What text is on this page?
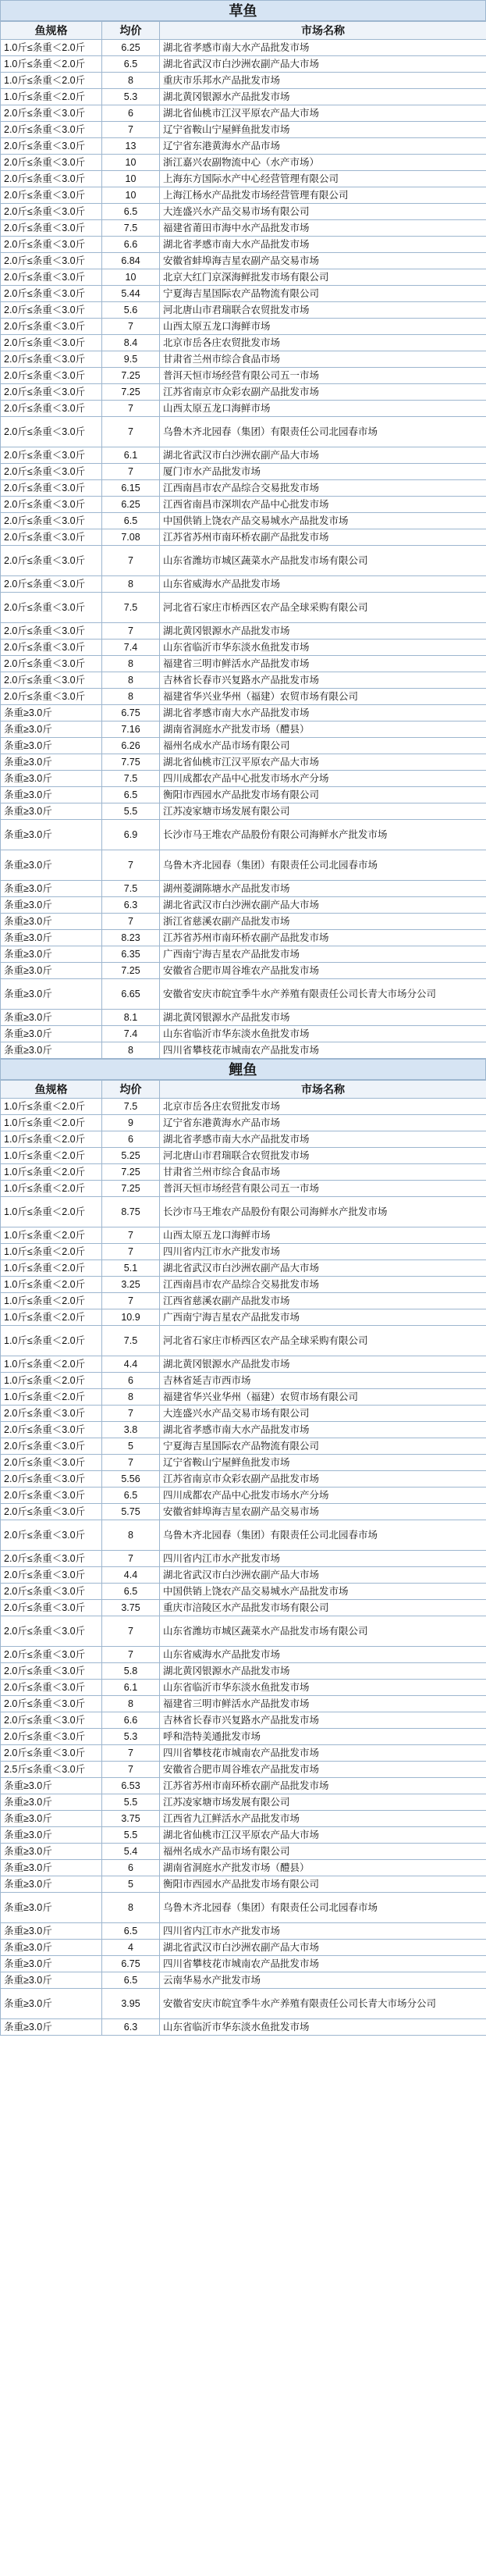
草鱼
鱼规格	均价	市场名称
1.0斤≤条重＜2.0斤	6.25	湖北省孝感市南大水产品批发市场
1.0斤≤条重＜2.0斤	6.5	湖北省武汉市白沙洲农副产品大市场
1.0斤≤条重＜2.0斤	8	重庆市乐邦水产品批发市场
1.0斤≤条重＜2.0斤	5.3	湖北黄冈银源水产品批发市场
2.0斤≤条重＜3.0斤	6	湖北省仙桃市江汉平原农产品大市场
2.0斤≤条重＜3.0斤	7	辽宁省鞍山宁屋鲜鱼批发市场
2.0斤≤条重＜3.0斤	13	辽宁省东港黄海水产品市场
2.0斤≤条重＜3.0斤	10	浙江嘉兴农副物流中心（水产市场）
2.0斤≤条重＜3.0斤	10	上海东方国际水产中心经营管理有限公司
2.0斤≤条重＜3.0斤	10	上海江杨水产品批发市场经营管理有限公司
2.0斤≤条重＜3.0斤	6.5	大连盛兴水产品交易市场有限公司
2.0斤≤条重＜3.0斤	7.5	福建省莆田市海中水产品批发市场
2.0斤≤条重＜3.0斤	6.6	湖北省孝感市南大水产品批发市场
2.0斤≤条重＜3.0斤	6.84	安徽省蚌埠海吉星农副产品交易市场
2.0斤≤条重＜3.0斤	10	北京大红门京深海鲜批发市场有限公司
2.0斤≤条重＜3.0斤	5.44	宁夏海吉星国际农产品物流有限公司
2.0斤≤条重＜3.0斤	5.6	河北唐山市君瑞联合农贸批发市场
2.0斤≤条重＜3.0斤	7	山西太原五龙口海鲜市场
2.0斤≤条重＜3.0斤	8.4	北京市岳各庄农贸批发市场
2.0斤≤条重＜3.0斤	9.5	甘肃省兰州市综合食品市场
2.0斤≤条重＜3.0斤	7.25	普洱天恒市场经营有限公司五一市场
2.0斤≤条重＜3.0斤	7.25	江苏省南京市众彩农副产品批发市场
2.0斤≤条重＜3.0斤	7	山西太原五龙口海鲜市场
2.0斤≤条重＜3.0斤	7	乌鲁木齐北园春（集团）有限责任公司北园春市场
2.0斤≤条重＜3.0斤	6.1	湖北省武汉市白沙洲农副产品大市场
2.0斤≤条重＜3.0斤	7	厦门市水产品批发市场
2.0斤≤条重＜3.0斤	6.15	江西南昌市农产品综合交易批发市场
2.0斤≤条重＜3.0斤	6.25	江西省南昌市深圳农产品中心批发市场
2.0斤≤条重＜3.0斤	6.5	中国供销上饶农产品交易城水产品批发市场
2.0斤≤条重＜3.0斤	7.08	江苏省苏州市南环桥农副产品批发市场
2.0斤≤条重＜3.0斤	7	山东省潍坊市城区蔬菜水产品批发市场有限公司
2.0斤≤条重＜3.0斤	8	山东省威海水产品批发市场
2.0斤≤条重＜3.0斤	7.5	河北省石家庄市桥西区农产品全球采购有限公司
2.0斤≤条重＜3.0斤	7	湖北黄冈银源水产品批发市场
2.0斤≤条重＜3.0斤	7.4	山东省临沂市华东淡水鱼批发市场
2.0斤≤条重＜3.0斤	8	福建省三明市鲜活水产品批发市场
2.0斤≤条重＜3.0斤	8	吉林省长春市兴复路水产品批发市场
2.0斤≤条重＜3.0斤	8	福建省华兴业华州（福建）农贸市场有限公司
条重≥3.0斤	6.75	湖北省孝感市南大水产品批发市场
条重≥3.0斤	7.16	湖南省洞庭水产批发市场（醴县）
条重≥3.0斤	6.26	福州名成水产品市场有限公司
条重≥3.0斤	7.75	湖北省仙桃市江汉平原农产品大市场
条重≥3.0斤	7.5	四川成都农产品中心批发市场水产分场
条重≥3.0斤	6.5	衡阳市西园水产品批发市场有限公司
条重≥3.0斤	5.5	江苏凌家塘市场发展有限公司
条重≥3.0斤	6.9	长沙市马王堆农产品股份有限公司海鲜水产批发市场
条重≥3.0斤	7	乌鲁木齐北园春（集团）有限责任公司北园春市场
条重≥3.0斤	7.5	湖州菱湖陈塘水产品批发市场
条重≥3.0斤	6.3	湖北省武汉市白沙洲农副产品大市场
条重≥3.0斤	7	浙江省慈溪农副产品批发市场
条重≥3.0斤	8.23	江苏省苏州市南环桥农副产品批发市场
条重≥3.0斤	6.35	广西南宁海吉星农产品批发市场
条重≥3.0斤	7.25	安徽省合肥市周谷堆农产品批发市场
条重≥3.0斤	6.65	安徽省安庆市皖宜季牛水产养殖有限责任公司长青大市场分公司
条重≥3.0斤	8.1	湖北黄冈银源水产品批发市场
条重≥3.0斤	7.4	山东省临沂市华东淡水鱼批发市场
条重≥3.0斤	8	四川省攀枝花市城南农产品批发市场
鲤鱼
鱼规格	均价	市场名称
1.0斤≤条重＜2.0斤	7.5	北京市岳各庄农贸批发市场
1.0斤≤条重＜2.0斤	9	辽宁省东港黄海水产品市场
1.0斤≤条重＜2.0斤	6	湖北省孝感市南大水产品批发市场
1.0斤≤条重＜2.0斤	5.25	河北唐山市君瑞联合农贸批发市场
1.0斤≤条重＜2.0斤	7.25	甘肃省兰州市综合食品市场
1.0斤≤条重＜2.0斤	7.25	普洱天恒市场经营有限公司五一市场
1.0斤≤条重＜2.0斤	8.75	长沙市马王堆农产品股份有限公司海鲜水产批发市场
1.0斤≤条重＜2.0斤	7	山西太原五龙口海鲜市场
1.0斤≤条重＜2.0斤	7	四川省内江市水产批发市场
1.0斤≤条重＜2.0斤	5.1	湖北省武汉市白沙洲农副产品大市场
1.0斤≤条重＜2.0斤	3.25	江西南昌市农产品综合交易批发市场
1.0斤≤条重＜2.0斤	7	江西省慈溪农副产品批发市场
1.0斤≤条重＜2.0斤	10.9	广西南宁海吉星农产品批发市场
1.0斤≤条重＜2.0斤	7.5	河北省石家庄市桥西区农产品全球采购有限公司
1.0斤≤条重＜2.0斤	4.4	湖北黄冈银源水产品批发市场
1.0斤≤条重＜2.0斤	6	吉林省延吉市西市场
1.0斤≤条重＜2.0斤	8	福建省华兴业华州（福建）农贸市场有限公司
2.0斤≤条重＜3.0斤	7	大连盛兴水产品交易市场有限公司
2.0斤≤条重＜3.0斤	3.8	湖北省孝感市南大水产品批发市场
2.0斤≤条重＜3.0斤	5	宁夏海吉星国际农产品物流有限公司
2.0斤≤条重＜3.0斤	7	辽宁省鞍山宁屋鲜鱼批发市场
2.0斤≤条重＜3.0斤	5.56	江苏省南京市众彩农副产品批发市场
2.0斤≤条重＜3.0斤	6.5	四川成都农产品中心批发市场水产分场
2.0斤≤条重＜3.0斤	5.75	安徽省蚌埠海吉星农副产品交易市场
2.0斤≤条重＜3.0斤	8	乌鲁木齐北园春（集团）有限责任公司北园春市场
2.0斤≤条重＜3.0斤	7	四川省内江市水产批发市场
2.0斤≤条重＜3.0斤	4.4	湖北省武汉市白沙洲农副产品大市场
2.0斤≤条重＜3.0斤	6.5	中国供销上饶农产品交易城水产品批发市场
2.0斤≤条重＜3.0斤	3.75	重庆市涪陵区水产品批发市场有限公司
2.0斤≤条重＜3.0斤	7	山东省潍坊市城区蔬菜水产品批发市场有限公司
2.0斤≤条重＜3.0斤	7	山东省威海水产品批发市场
2.0斤≤条重＜3.0斤	5.8	湖北黄冈银源水产品批发市场
2.0斤≤条重＜3.0斤	6.1	山东省临沂市华东淡水鱼批发市场
2.0斤≤条重＜3.0斤	8	福建省三明市鲜活水产品批发市场
2.0斤≤条重＜3.0斤	6.6	吉林省长春市兴复路水产品批发市场
2.0斤≤条重＜3.0斤	5.3	呼和浩特美通批发市场
2.0斤≤条重＜3.0斤	7	四川省攀枝花市城南农产品批发市场
2.5斤≤条重＜3.0斤	7	安徽省合肥市周谷堆农产品批发市场
条重≥3.0斤	6.53	江苏省苏州市南环桥农副产品批发市场
条重≥3.0斤	5.5	江苏凌家塘市场发展有限公司
条重≥3.0斤	3.75	江西省九江鲜活水产品批发市场
条重≥3.0斤	5.5	湖北省仙桃市江汉平原农产品大市场
条重≥3.0斤	5.4	福州名成水产品市场有限公司
条重≥3.0斤	6	湖南省洞庭水产批发市场（醴县）
条重≥3.0斤	5	衡阳市西园水产品批发市场有限公司
条重≥3.0斤	8	乌鲁木齐北园春（集团）有限责任公司北园春市场
条重≥3.0斤	6.5	四川省内江市水产批发市场
条重≥3.0斤	4	湖北省武汉市白沙洲农副产品大市场
条重≥3.0斤	6.75	四川省攀枝花市城南农产品批发市场
条重≥3.0斤	6.5	云南华易水产批发市场
条重≥3.0斤	3.95	安徽省安庆市皖宜季牛水产养殖有限责任公司长青大市场分公司
条重≥3.0斤	6.3	山东省临沂市华东淡水鱼批发市场
